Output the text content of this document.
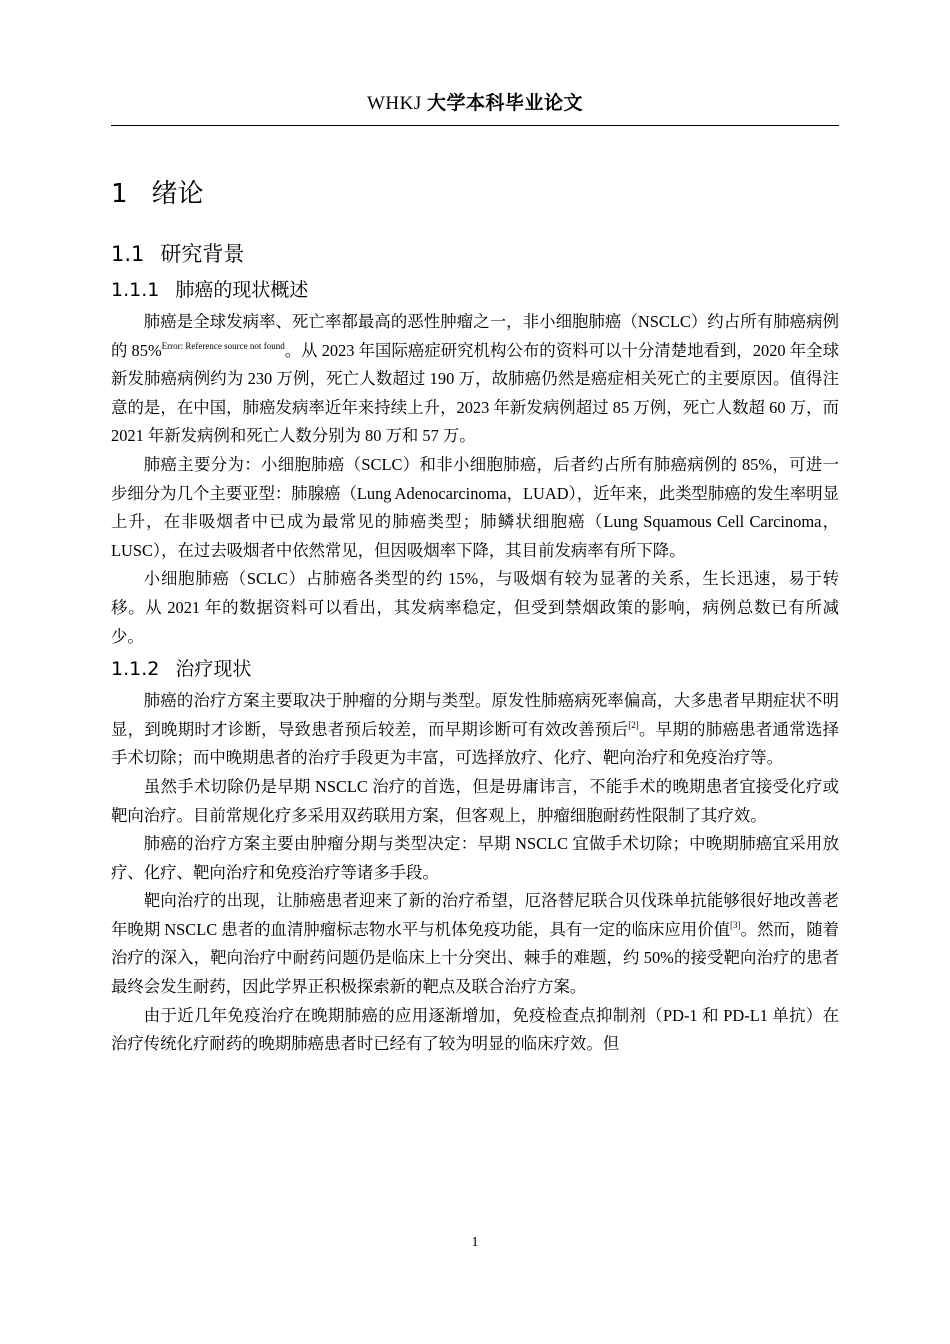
WHKJ 大学本科毕业论文
1 绪论
1.1 研究背景
1.1.1 肺癌的现状概述

肺癌是全球发病率、死亡率都最高的恶性肿瘤之一，非小细胞肺癌（NSCLC）约占所有肺癌病例的 85%$^{Error: Reference source not found}$。从 2023 年国际癌症研究机构公布的资料可以十分清楚地看到，2020 年全球新发肺癌病例约为 230 万例，死亡人数超过 190 万，故肺癌仍然是癌症相关死亡的主要原因。值得注意的是，在中国，肺癌发病率近年来持续上升，2023 年新发病例超过 85 万例，死亡人数超 60 万，而 2021 年新发病例和死亡人数分别为 80 万和 57 万。

肺癌主要分为：小细胞肺癌（SCLC）和非小细胞肺癌，后者约占所有肺癌病例的 85%，可进一步细分为几个主要亚型：肺腺癌（Lung Adenocarcinoma，LUAD），近年来，此类型肺癌的发生率明显上升，在非吸烟者中已成为最常见的肺癌类型；肺鳞状细胞癌（Lung Squamous Cell Carcinoma，LUSC），在过去吸烟者中依然常见，但因吸烟率下降，其目前发病率有所下降。

小细胞肺癌（SCLC）占肺癌各类型的约 15%，与吸烟有较为显著的关系，生长迅速，易于转移。从 2021 年的数据资料可以看出，其发病率稳定，但受到禁烟政策的影响，病例总数已有所减少。

1.1.2 治疗现状

肺癌的治疗方案主要取决于肿瘤的分期与类型。原发性肺癌病死率偏高，大多患者早期症状不明显，到晚期时才诊断，导致患者预后较差，而早期诊断可有效改善预后[2]。早期的肺癌患者通常选择手术切除；而中晚期患者的治疗手段更为丰富，可选择放疗、化疗、靶向治疗和免疫治疗等。

虽然手术切除仍是早期 NSCLC 治疗的首选，但是毋庸讳言，不能手术的晚期患者宜接受化疗或靶向治疗。目前常规化疗多采用双药联用方案，但客观上，肿瘤细胞耐药性限制了其疗效。

肺癌的治疗方案主要由肿瘤分期与类型决定：早期 NSCLC 宜做手术切除；中晚期肺癌宜采用放疗、化疗、靶向治疗和免疫治疗等诸多手段。

靶向治疗的出现，让肺癌患者迎来了新的治疗希望，厄洛替尼联合贝伐珠单抗能够很好地改善老年晚期 NSCLC 患者的血清肿瘤标志物水平与机体免疫功能，具有一定的临床应用价值[3]。然而，随着治疗的深入，靶向治疗中耐药问题仍是临床上十分突出、棘手的难题，约 50%的接受靶向治疗的患者最终会发生耐药，因此学界正积极探索新的靶点及联合治疗方案。

由于近几年免疫治疗在晚期肺癌的应用逐渐增加，免疫检查点抑制剂（PD-1 和 PD-L1 单抗）在治疗传统化疗耐药的晚期肺癌患者时已经有了较为明显的临床疗效。但

1
